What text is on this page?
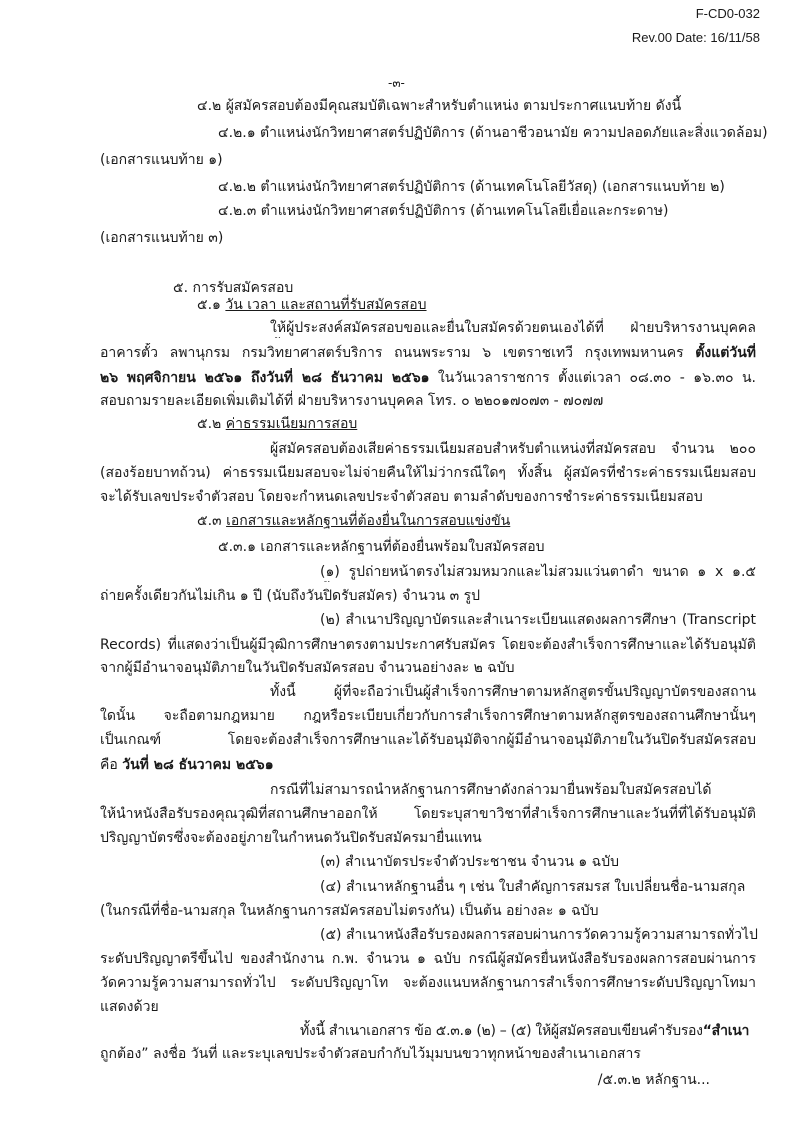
F-CD0-032
Rev.00 Date: 16/11/58
-๓-
๔.๒ ผู้สมัครสอบต้องมีคุณสมบัติเฉพาะสำหรับตำแหน่ง ตามประกาศแนบท้าย ดังนี้
๔.๒.๑ ตำแหน่งนักวิทยาศาสตร์ปฏิบัติการ (ด้านอาชีวอนามัย ความปลอดภัยและสิ่งแวดล้อม)
(เอกสารแนบท้าย ๑)
๔.๒.๒ ตำแหน่งนักวิทยาศาสตร์ปฏิบัติการ (ด้านเทคโนโลยีวัสดุ) (เอกสารแนบท้าย ๒)
๔.๒.๓ ตำแหน่งนักวิทยาศาสตร์ปฏิบัติการ (ด้านเทคโนโลยีเยื่อและกระดาษ)
(เอกสารแนบท้าย ๓)
๕. การรับสมัครสอบ
๕.๑ วัน เวลา และสถานที่รับสมัครสอบ
ให้ผู้ประสงค์สมัครสอบขอและยื่นใบสมัครด้วยตนเองได้ที่ ฝ่ายบริหารงานบุคคล
อาคารตั้ว ลพานุกรม กรมวิทยาศาสตร์บริการ ถนนพระราม ๖ เขตราชเทวี กรุงเทพมหานคร ตั้งแต่วันที่
๒๖ พฤศจิกายน ๒๕๖๑ ถึงวันที่ ๒๘ ธันวาคม ๒๕๖๑ ในวันเวลาราชการ ตั้งแต่เวลา ๐๘.๓๐ - ๑๖.๓๐ น.
สอบถามรายละเอียดเพิ่มเติมได้ที่ ฝ่ายบริหารงานบุคคล โทร. ๐ ๒๒๐๑๗๐๗๓ - ๗๐๗๗
๕.๒ ค่าธรรมเนียมการสอบ
ผู้สมัครสอบต้องเสียค่าธรรมเนียมสอบสำหรับตำแหน่งที่สมัครสอบ จำนวน ๒๐๐
(สองร้อยบาทถ้วน) ค่าธรรมเนียมสอบจะไม่จ่ายคืนให้ไม่ว่ากรณีใดๆ ทั้งสิ้น ผู้สมัครที่ชำระค่าธรรมเนียมสอบ
จะได้รับเลขประจำตัวสอบ โดยจะกำหนดเลขประจำตัวสอบ ตามลำดับของการชำระค่าธรรมเนียมสอบ
๕.๓ เอกสารและหลักฐานที่ต้องยื่นในการสอบแข่งขัน
๕.๓.๑ เอกสารและหลักฐานที่ต้องยื่นพร้อมใบสมัครสอบ
(๑) รูปถ่ายหน้าตรงไม่สวมหมวกและไม่สวมแว่นตาดำ ขนาด ๑ x ๑.๕
ถ่ายครั้งเดียวกันไม่เกิน ๑ ปี (นับถึงวันปิดรับสมัคร) จำนวน ๓ รูป
(๒) สำเนาปริญญาบัตรและสำเนาระเบียนแสดงผลการศึกษา (Transcript
Records) ที่แสดงว่าเป็นผู้มีวุฒิการศึกษาตรงตามประกาศรับสมัคร โดยจะต้องสำเร็จการศึกษาและได้รับอนุมัติ
จากผู้มีอำนาจอนุมัติภายในวันปิดรับสมัครสอบ จำนวนอย่างละ ๒ ฉบับ
ทั้งนี้ ผู้ที่จะถือว่าเป็นผู้สำเร็จการศึกษาตามหลักสูตรขั้นปริญญาบัตรของสถาน
ใดนั้น จะถือตามกฎหมาย กฎหรือระเบียบเกี่ยวกับการสำเร็จการศึกษาตามหลักสูตรของสถานศึกษานั้นๆ
เป็นเกณฑ์ โดยจะต้องสำเร็จการศึกษาและได้รับอนุมัติจากผู้มีอำนาจอนุมัติภายในวันปิดรับสมัครสอบ
คือ วันที่ ๒๘ ธันวาคม ๒๕๖๑
กรณีที่ไม่สามารถนำหลักฐานการศึกษาดังกล่าวมายื่นพร้อมใบสมัครสอบได้
ให้นำหนังสือรับรองคุณวุฒิที่สถานศึกษาออกให้ โดยระบุสาขาวิชาที่สำเร็จการศึกษาและวันที่ที่ได้รับอนุมัติ
ปริญญาบัตรซึ่งจะต้องอยู่ภายในกำหนดวันปิดรับสมัครมายื่นแทน
(๓) สำเนาบัตรประจำตัวประชาชน จำนวน ๑ ฉบับ
(๔) สำเนาหลักฐานอื่น ๆ เช่น ใบสำคัญการสมรส ใบเปลี่ยนชื่อ-นามสกุล
(ในกรณีที่ชื่อ-นามสกุล ในหลักฐานการสมัครสอบไม่ตรงกัน) เป็นต้น อย่างละ ๑ ฉบับ
(๕) สำเนาหนังสือรับรองผลการสอบผ่านการวัดความรู้ความสามารถทั่วไป
ระดับปริญญาตรีขึ้นไป ของสำนักงาน ก.พ. จำนวน ๑ ฉบับ กรณีผู้สมัครยื่นหนังสือรับรองผลการสอบผ่านการ
วัดความรู้ความสามารถทั่วไป ระดับปริญญาโท จะต้องแนบหลักฐานการสำเร็จการศึกษาระดับปริญญาโทมา
แสดงด้วย
ทั้งนี้ สำเนาเอกสาร ข้อ ๕.๓.๑ (๒) – (๕) ให้ผู้สมัครสอบเขียนคำรับรอง“สำเนา
ถูกต้อง” ลงชื่อ วันที่ และระบุเลขประจำตัวสอบกำกับไว้มุมบนขวาทุกหน้าของสำเนาเอกสาร
/๕.๓.๒ หลักฐาน...
